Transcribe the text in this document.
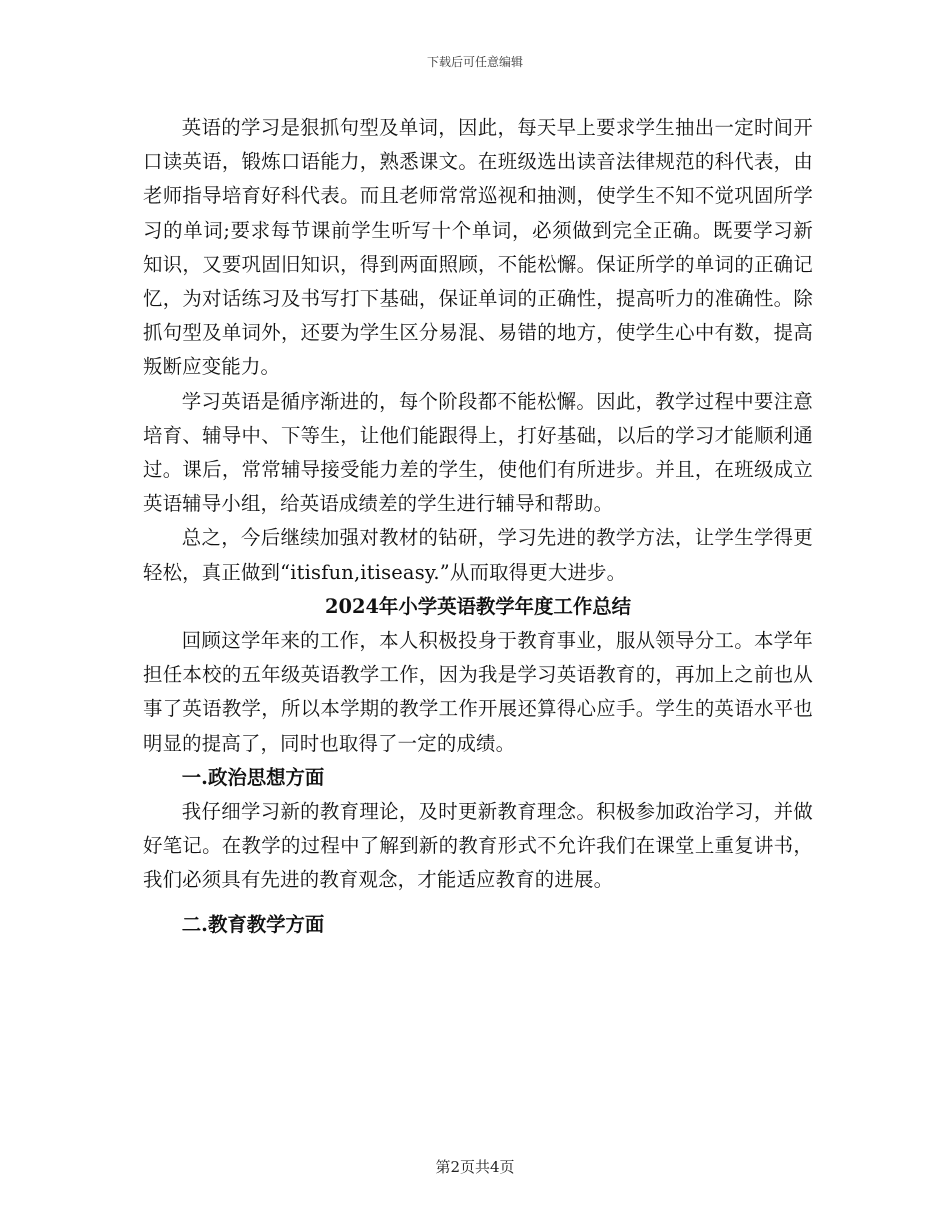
下载后可任意编辑

英语的学习是狠抓句型及单词，因此，每天早上要求学生抽出一定时间开口读英语，锻炼口语能力，熟悉课文。在班级选出读音法律规范的科代表，由老师指导培育好科代表。而且老师常常巡视和抽测，使学生不知不觉巩固所学习的单词;要求每节课前学生听写十个单词，必须做到完全正确。既要学习新知识，又要巩固旧知识，得到两面照顾，不能松懈。保证所学的单词的正确记忆，为对话练习及书写打下基础，保证单词的正确性，提高听力的准确性。除抓句型及单词外，还要为学生区分易混、易错的地方，使学生心中有数，提高叛断应变能力。

学习英语是循序渐进的，每个阶段都不能松懈。因此，教学过程中要注意培育、辅导中、下等生，让他们能跟得上，打好基础，以后的学习才能顺利通过。课后，常常辅导接受能力差的学生，使他们有所进步。并且，在班级成立英语辅导小组，给英语成绩差的学生进行辅导和帮助。

总之，今后继续加强对教材的钻研，学习先进的教学方法，让学生学得更轻松，真正做到“itisfun,itiseasy.”从而取得更大进步。

2024年小学英语教学年度工作总结

回顾这学年来的工作，本人积极投身于教育事业，服从领导分工。本学年担任本校的五年级英语教学工作，因为我是学习英语教育的，再加上之前也从事了英语教学，所以本学期的教学工作开展还算得心应手。学生的英语水平也明显的提高了，同时也取得了一定的成绩。

一.政治思想方面

我仔细学习新的教育理论，及时更新教育理念。积极参加政治学习，并做好笔记。在教学的过程中了解到新的教育形式不允许我们在课堂上重复讲书，我们必须具有先进的教育观念，才能适应教育的进展。

二.教育教学方面

第2页共4页
